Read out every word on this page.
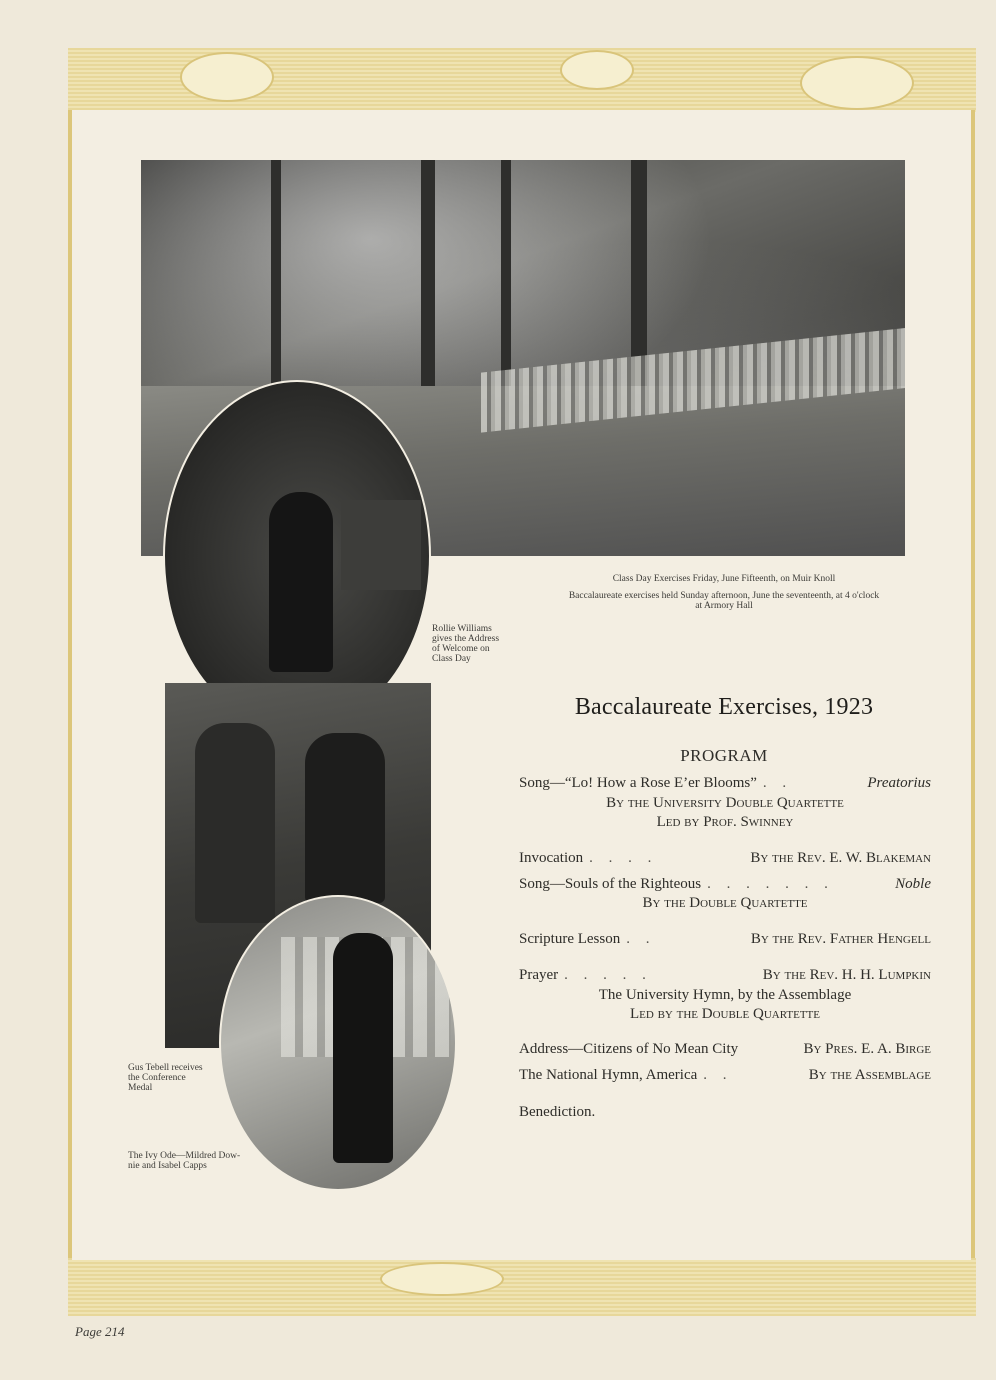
Class Day Exercises Friday, June Fifteenth, on Muir Knoll
Baccalaureate exercises held Sunday afternoon, June the seventeenth, at 4 o'clock
at Armory Hall
Rollie Williams
gives the Address
of Welcome on
Class Day
Gus Tebell receives
the Conference
Medal
The Ivy Ode—Mildred Dow-
nie and Isabel Capps
Baccalaureate Exercises, 1923
PROGRAM
Song—“Lo! How a Rose E’er Blooms” . .	Preatorius
By the University Double Quartette
Led by Prof. Swinney
Invocation . . . .	By the Rev. E. W. Blakeman
Song—Souls of the Righteous . . . . . . .	Noble
By the Double Quartette
Scripture Lesson . .	By the Rev. Father Hengell
Prayer . . . . .	By the Rev. H. H. Lumpkin
The University Hymn, by the Assemblage
Led by the Double Quartette
Address—Citizens of No Mean City	By Pres. E. A. Birge
The National Hymn, America . .	By the Assemblage
Benediction.
Page 214
